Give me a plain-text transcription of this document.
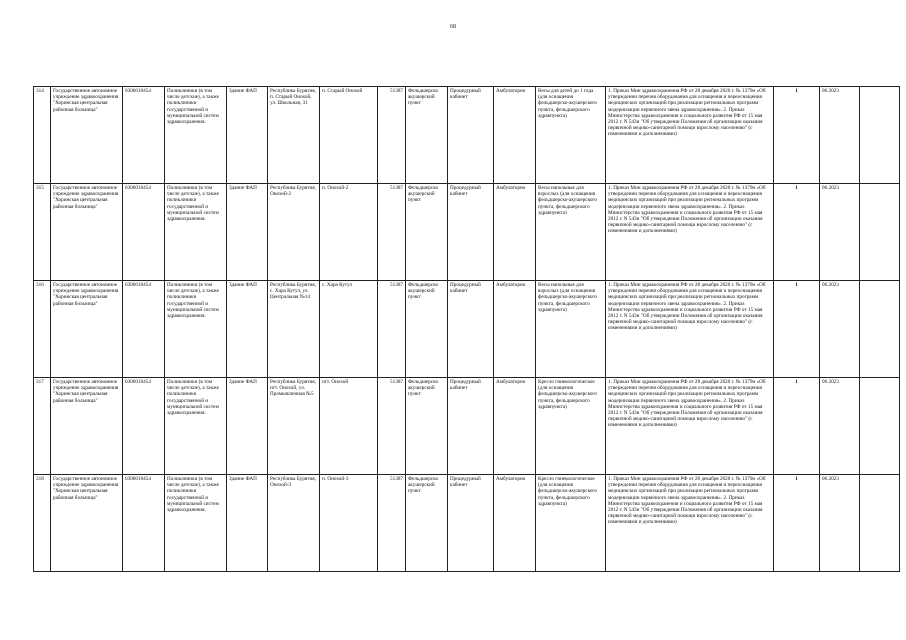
68
314	Государственное автономное учреждение здравоохранения "Хоринская центральная районная больница"	0306010454	Поликлиники (в том числе детские), а также поликлиники государственной и муниципальной систем здравоохранения.	Здание ФАП	Республика Бурятия, п. Старый Онохой, ул. Школьная, 31	п. Старый Онохой	51387	Фельдшерско акушерский пункт	Процедурный кабинет	Амбулаторно	Весы для детей до 1 года (для оснащения фельдшерско-акушерского пункта, фельдшерского здравпункта)	1. Приказ Мин здравоохранения РФ от 28 декабря 2020 г. № 1379н «Об утверждении перечня оборудования для оснащения и переоснащения медицинских организаций при реализации региональных программ модернизации первичного звена здравоохранения». 2. Приказ Министерства здравоохранения и социального развития РФ от 15 мая 2012 г. N 543н "Об утверждении Положения об организации оказания первичной медико-санитарной помощи взрослому населению" (с изменениями и дополнениями)	1	06.2023	
315	Государственное автономное учреждение здравоохранения "Хоринская центральная районная больница"	0306010454	Поликлиники (в том числе детские), а также поликлиники государственной и муниципальной систем здравоохранения.	Здание ФАП	Республика Бурятия, Онохой-2	п. Онохой-2	51387	Фельдшерско акушерский пункт	Процедурный кабинет	Амбулаторно	Весы напольные для взрослых (для оснащения фельдшерско-акушерского пункта, фельдшерского здравпункта)	1. Приказ Мин здравоохранения РФ от 28 декабря 2020 г. № 1379н «Об утверждении перечня оборудования для оснащения и переоснащения медицинских организаций при реализации региональных программ модернизации первичного звена здравоохранения». 2. Приказ Министерства здравоохранения и социального развития РФ от 15 мая 2012 г. N 543н "Об утверждении Положения об организации оказания первичной медико-санитарной помощи взрослому населению" (с изменениями и дополнениями)	1	06.2023	
316	Государственное автономное учреждение здравоохранения "Хоринская центральная районная больница"	0306010454	Поликлиники (в том числе детские), а также поликлиники государственной и муниципальной систем здравоохранения.	Здание ФАП	Республика Бурятия, с. Хара Кутул, ул. Центральная №14	с. Хара Кутул	51387	Фельдшерско акушерский пункт	Процедурный кабинет	Амбулаторно	Весы напольные для взрослых (для оснащения фельдшерско-акушерского пункта, фельдшерского здравпункта)	1. Приказ Мин здравоохранения РФ от 28 декабря 2020 г. № 1379н «Об утверждении перечня оборудования для оснащения и переоснащения медицинских организаций при реализации региональных программ модернизации первичного звена здравоохранения». 2. Приказ Министерства здравоохранения и социального развития РФ от 15 мая 2012 г. N 543н "Об утверждении Положения об организации оказания первичной медико-санитарной помощи взрослому населению" (с изменениями и дополнениями)	1	06.2023	
317	Государственное автономное учреждение здравоохранения "Хоринская центральная районная больница"	0306010454	Поликлиники (в том числе детские), а также поликлиники государственной и муниципальной систем здравоохранения.	Здание ФАП	Республика Бурятия, пгт. Онохой, ул. Промышленная №5	пгт. Онохой	51387	Фельдшерско акушерский пункт	Процедурный кабинет	Амбулаторно	Кресло гинекологическое (для оснащения фельдшерско-акушерского пункта, фельдшерского здравпункта)	1. Приказ Мин здравоохранения РФ от 28 декабря 2020 г. № 1379н «Об утверждении перечня оборудования для оснащения и переоснащения медицинских организаций при реализации региональных программ модернизации первичного звена здравоохранения». 2. Приказ Министерства здравоохранения и социального развития РФ от 15 мая 2012 г. N 543н "Об утверждении Положения об организации оказания первичной медико-санитарной помощи взрослому населению" (с изменениями и дополнениями)	1	06.2023	
318	Государственное автономное учреждение здравоохранения "Хоринская центральная районная больница"	0306010454	Поликлиники (в том числе детские), а также поликлиники государственной и муниципальной систем здравоохранения.	Здание ФАП	Республика Бурятия, Онохой-3	п. Онохой-3	51387	Фельдшерско акушерский пункт	Процедурный кабинет	Амбулаторно	Кресло гинекологическое (для оснащения фельдшерско-акушерского пункта, фельдшерского здравпункта)	1. Приказ Мин здравоохранения РФ от 28 декабря 2020 г. № 1379н «Об утверждении перечня оборудования для оснащения и переоснащения медицинских организаций при реализации региональных программ модернизации первичного звена здравоохранения». 2. Приказ Министерства здравоохранения и социального развития РФ от 15 мая 2012 г. N 543н "Об утверждении Положения об организации оказания первичной медико-санитарной помощи взрослому населению" (с изменениями и дополнениями)	1	06.2023	
